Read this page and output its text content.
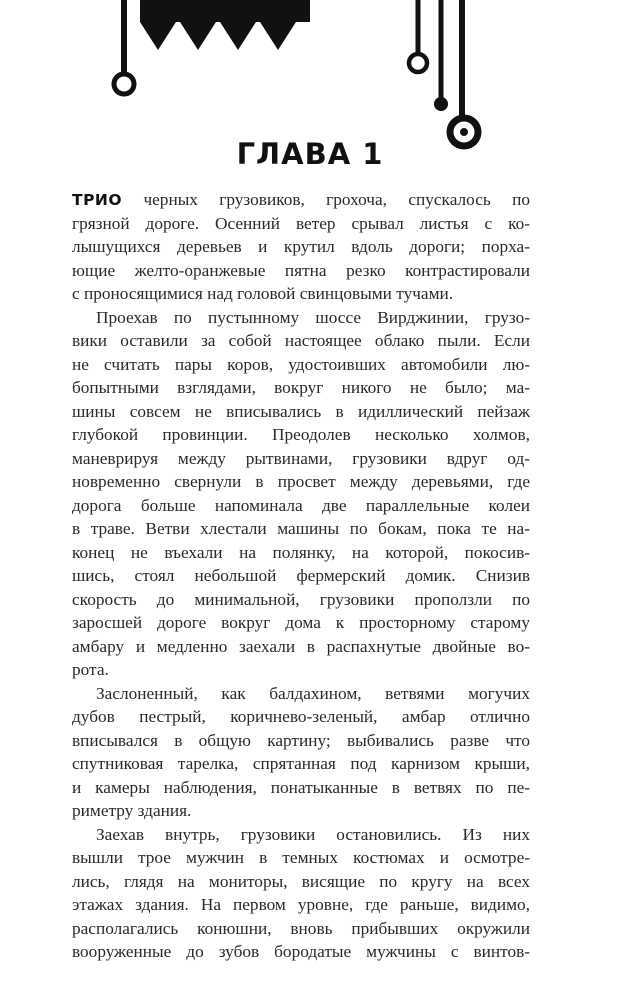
ГЛАВА 1
ТРИО черных грузовиков, грохоча, спускалось по
грязной дороге. Осенний ветер срывал листья с ко-
лышущихся деревьев и крутил вдоль дороги; порха-
ющие желто-оранжевые пятна резко контрастировали
с проносящимися над головой свинцовыми тучами.
Проехав по пустынному шоссе Вирджинии, грузо-
вики оставили за собой настоящее облако пыли. Если
не считать пары коров, удостоивших автомобили лю-
бопытными взглядами, вокруг никого не было; ма-
шины совсем не вписывались в идиллический пейзаж
глубокой провинции. Преодолев несколько холмов,
маневрируя между рытвинами, грузовики вдруг од-
новременно свернули в просвет между деревьями, где
дорога больше напоминала две параллельные колеи
в траве. Ветви хлестали машины по бокам, пока те на-
конец не въехали на полянку, на которой, покосив-
шись, стоял небольшой фермерский домик. Снизив
скорость до минимальной, грузовики проползли по
заросшей дороге вокруг дома к просторному старому
амбару и медленно заехали в распахнутые двойные во-
рота.
Заслоненный, как балдахином, ветвями могучих
дубов пестрый, коричнево-зеленый, амбар отлично
вписывался в общую картину; выбивались разве что
спутниковая тарелка, спрятанная под карнизом крыши,
и камеры наблюдения, понатыканные в ветвях по пе-
риметру здания.
Заехав внутрь, грузовики остановились. Из них
вышли трое мужчин в темных костюмах и осмотре-
лись, глядя на мониторы, висящие по кругу на всех
этажах здания. На первом уровне, где раньше, видимо,
располагались конюшни, вновь прибывших окружили
вооруженные до зубов бородатые мужчины с винтов-
